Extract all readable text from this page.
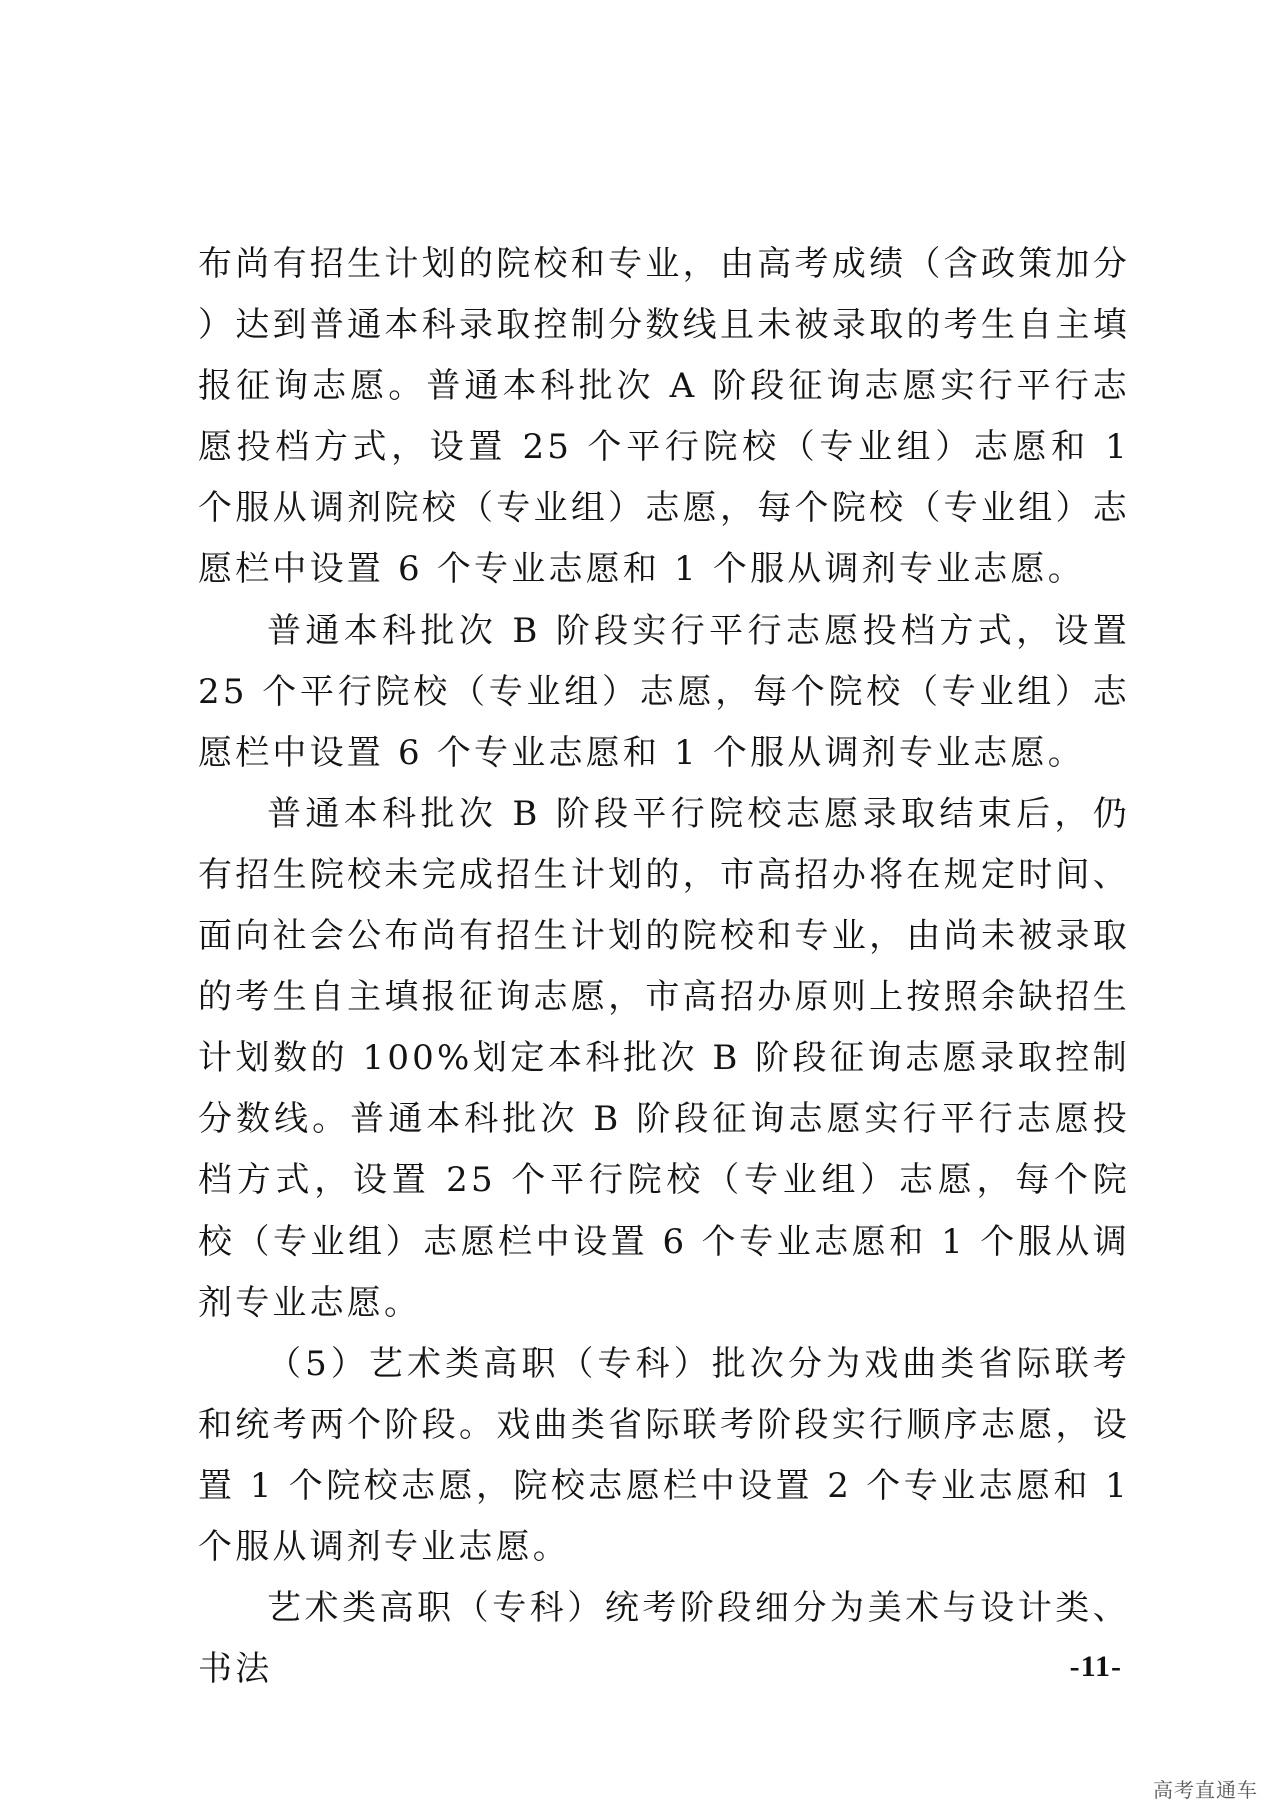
布尚有招生计划的院校和专业，由高考成绩（含政策加分）达到普通本科录取控制分数线且未被录取的考生自主填报征询志愿。普通本科批次 A 阶段征询志愿实行平行志愿投档方式，设置 25 个平行院校（专业组）志愿和 1 个服从调剂院校（专业组）志愿，每个院校（专业组）志愿栏中设置 6 个专业志愿和 1 个服从调剂专业志愿。

普通本科批次 B 阶段实行平行志愿投档方式，设置 25 个平行院校（专业组）志愿，每个院校（专业组）志愿栏中设置 6 个专业志愿和 1 个服从调剂专业志愿。

普通本科批次 B 阶段平行院校志愿录取结束后，仍有招生院校未完成招生计划的，市高招办将在规定时间、面向社会公布尚有招生计划的院校和专业，由尚未被录取的考生自主填报征询志愿，市高招办原则上按照余缺招生计划数的 100%划定本科批次 B 阶段征询志愿录取控制分数线。普通本科批次 B 阶段征询志愿实行平行志愿投档方式，设置 25 个平行院校（专业组）志愿，每个院校（专业组）志愿栏中设置 6 个专业志愿和 1 个服从调剂专业志愿。

（5）艺术类高职（专科）批次分为戏曲类省际联考和统考两个阶段。戏曲类省际联考阶段实行顺序志愿，设置 1 个院校志愿，院校志愿栏中设置 2 个专业志愿和 1 个服从调剂专业志愿。

艺术类高职（专科）统考阶段细分为美术与设计类、书法	-11-
高考直通车
